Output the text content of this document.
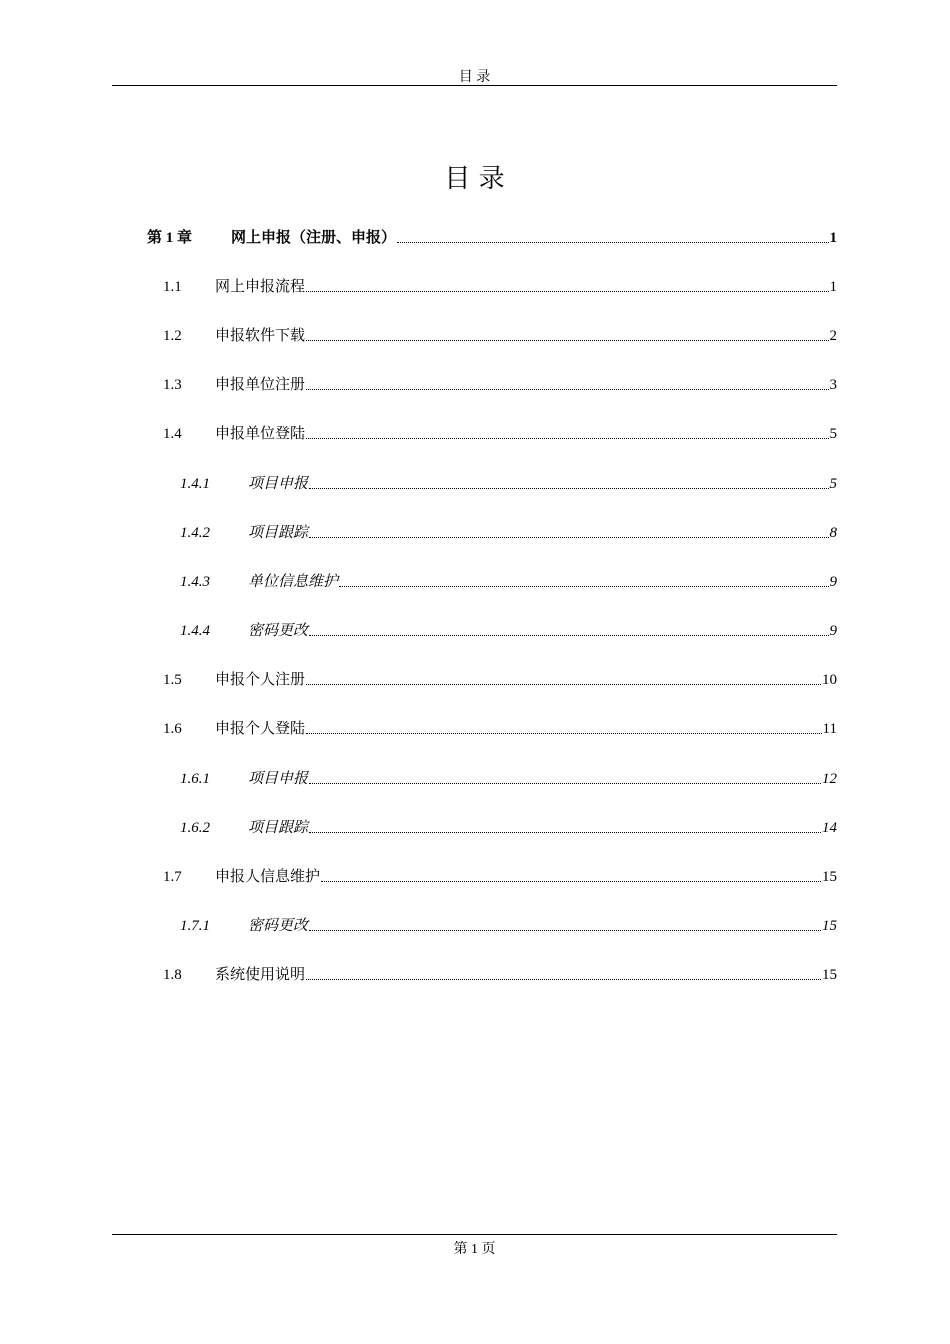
目 录
目 录
第 1 章	网上申报（注册、申报）	1
1.1	网上申报流程	1
1.2	申报软件下载	2
1.3	申报单位注册	3
1.4	申报单位登陆	5
1.4.1	项目申报	5
1.4.2	项目跟踪	8
1.4.3	单位信息维护	9
1.4.4	密码更改	9
1.5	申报个人注册	10
1.6	申报个人登陆	11
1.6.1	项目申报	12
1.6.2	项目跟踪	14
1.7	申报人信息维护	15
1.7.1	密码更改	15
1.8	系统使用说明	15
第 1 页
